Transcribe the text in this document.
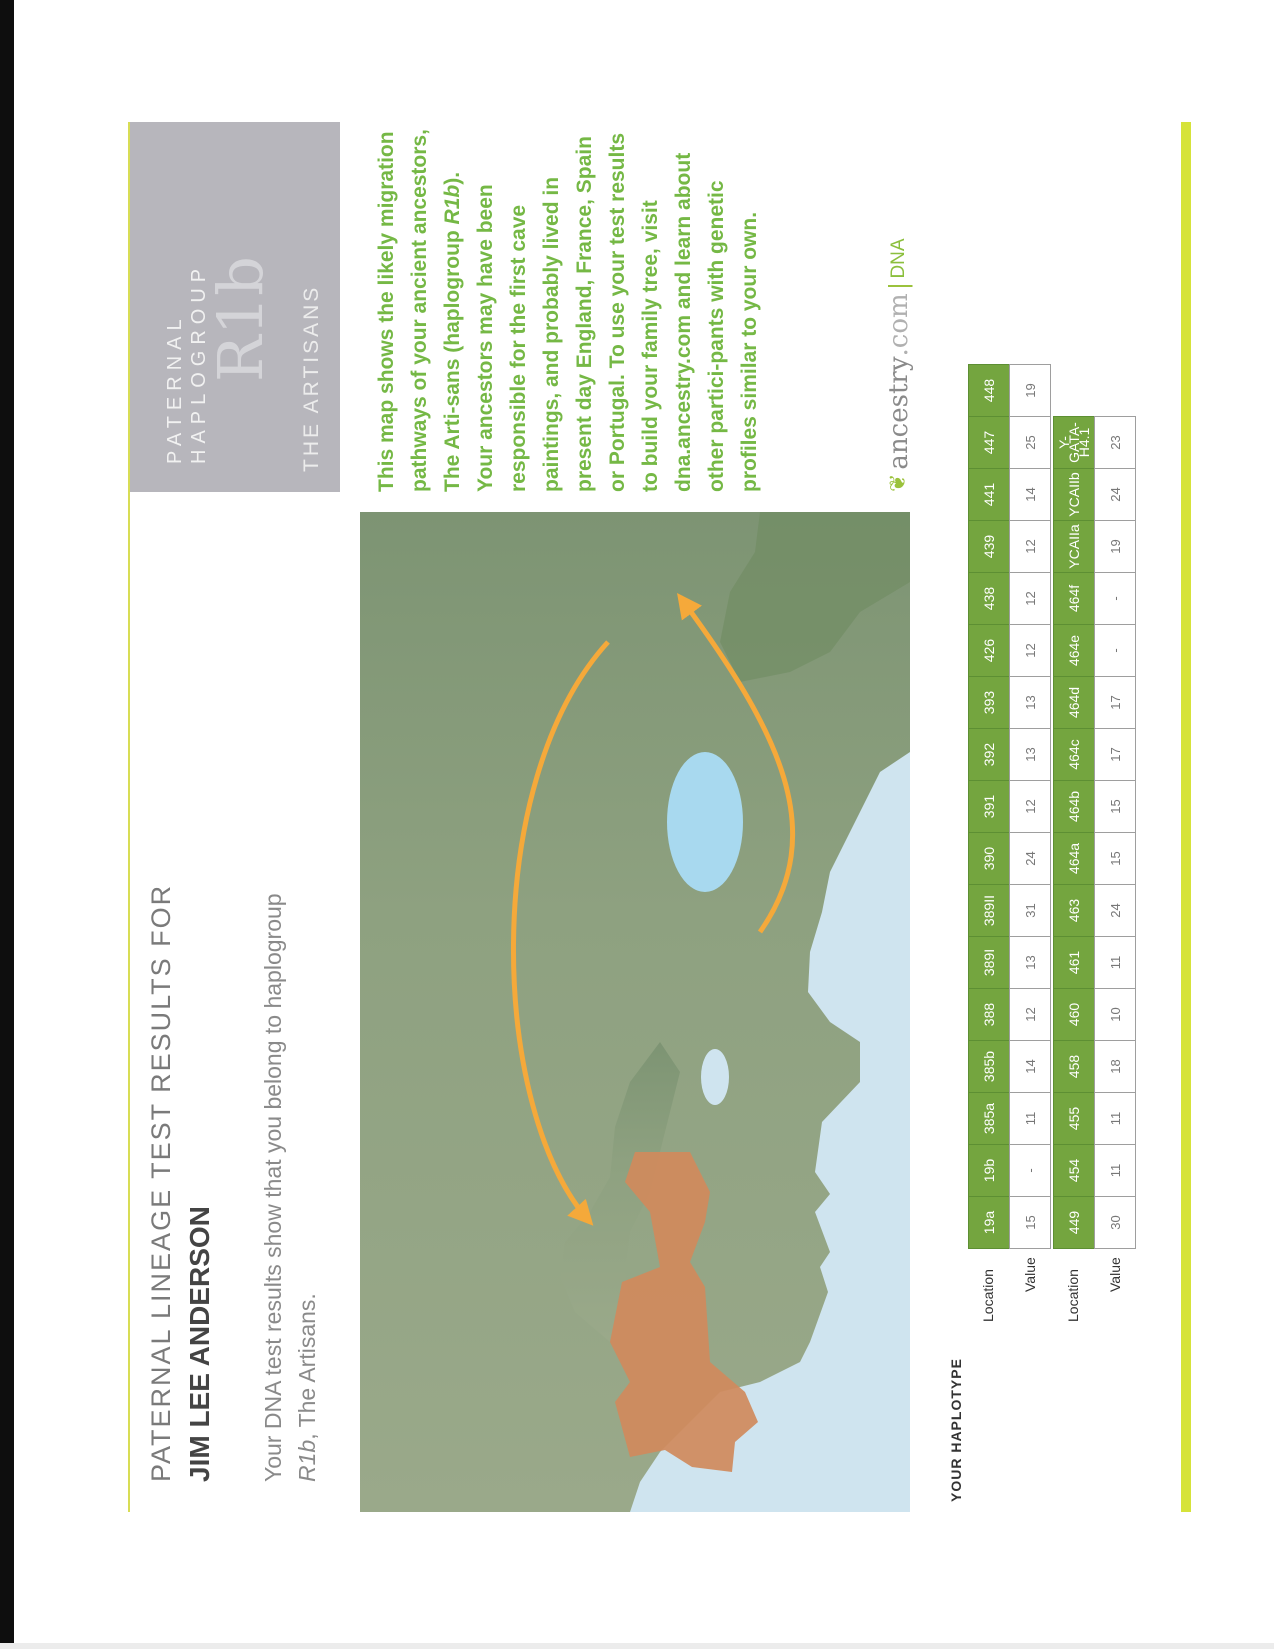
PATERNAL LINEAGE TEST RESULTS FOR JIM LEE ANDERSON Your DNA test results show that you belong to haplogroup R1b, The Artisans.
PATERNAL HAPLOGROUP
R1b THE ARTISANS This map shows the likely migration pathways of your ancient ancestors, The Arti-sans (haplogroup R1b). Your ancestors may have been responsible for the first cave paintings, and probably lived in present day England, France, Spain or Portugal. To use your test results to build your family tree, visit dna.ancestry.com and learn about other partici-pants with genetic profiles similar to your own.	❦
ancestry
.com
|
DNA
YOUR HAPLOTYPE
Location Value Location Value
19a
19b
385a
385b
388
389I
389II
390
391
392
393
426
438
439
441
447
448
15
-
11
14
12
13
31
24
12
13
13
12
12
12
14
25
19
449
454
455
458
460
461
463
464a
464b
464c
464d
464e
464f
YCAIIa
YCAIIb
Y-GATA-H4.1
30
11
11
18
10
11
24
15
15
17
17
-
-
19
24
23
